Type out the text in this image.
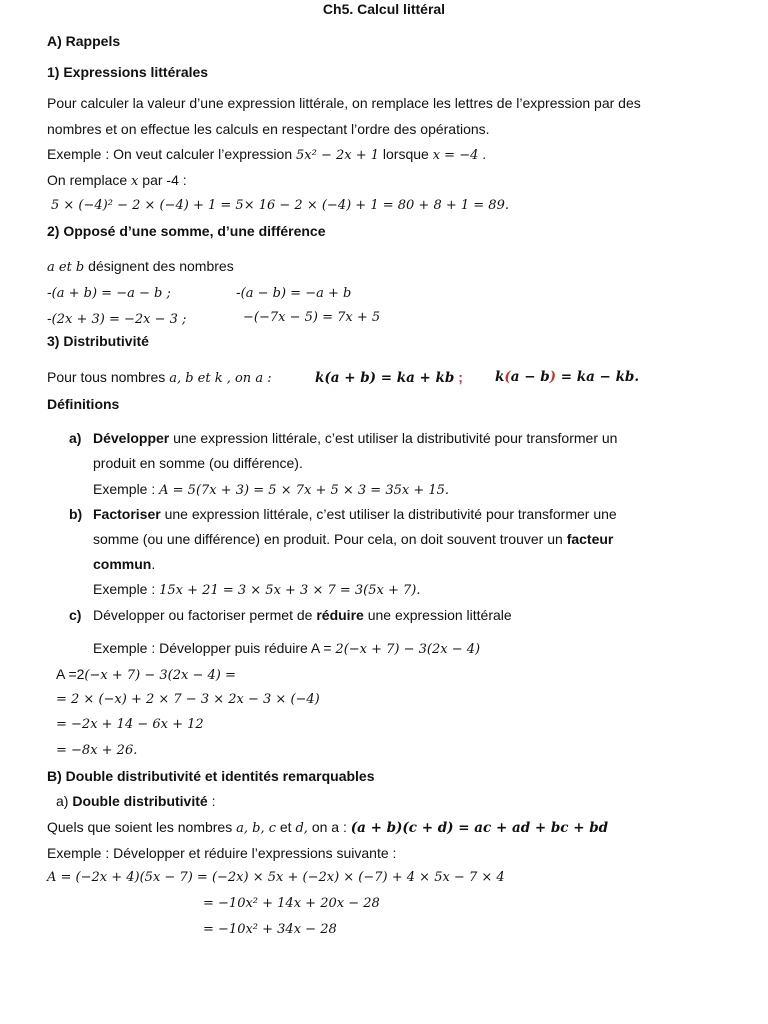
Ch5. Calcul littéral
A) Rappels
1) Expressions littérales
Pour calculer la valeur d’une expression littérale, on remplace les lettres de l’expression par des
nombres et on effectue les calculs en respectant l’ordre des opérations.
Exemple : On veut calculer l’expression 5x² − 2x + 1 lorsque x = −4 .
On remplace x par -4 :
5 × (−4)² − 2 × (−4) + 1 = 5× 16 − 2 × (−4) + 1 = 80 + 8 + 1 = 89.
2) Opposé d’une somme, d’une différence
a et b désignent des nombres
-(a + b) = −a − b ;	-(a − b) = −a + b
-(2x + 3) = −2x − 3 ;	−(−7x − 5) = 7x + 5
3) Distributivité
Pour tous nombres a, b et k , on a :	k(a + b) = ka + kb ; k(a − b) = ka − kb.
Définitions
a) Développer une expression littérale, c’est utiliser la distributivité pour transformer un
produit en somme (ou différence).
Exemple : A = 5(7x + 3) = 5 × 7x + 5 × 3 = 35x + 15.
b) Factoriser une expression littérale, c’est utiliser la distributivité pour transformer une
somme (ou une différence) en produit. Pour cela, on doit souvent trouver un facteur
commun.
Exemple : 15x + 21 = 3 × 5x + 3 × 7 = 3(5x + 7).
c) Développer ou factoriser permet de réduire une expression littérale
Exemple : Développer puis réduire A = 2(−x + 7) − 3(2x − 4)
A =2(−x + 7) − 3(2x − 4) =
= 2 × (−x) + 2 × 7 − 3 × 2x − 3 × (−4)
= −2x + 14 − 6x + 12
= −8x + 26.
B) Double distributivité et identités remarquables
a) Double distributivité :
Quels que soient les nombres a, b, c et d, on a : (a + b)(c + d) = ac + ad + bc + bd
Exemple : Développer et réduire l’expressions suivante :
A = (−2x + 4)(5x − 7) = (−2x) × 5x + (−2x) × (−7) + 4 × 5x − 7 × 4
= −10x² + 14x + 20x − 28
= −10x² + 34x − 28
